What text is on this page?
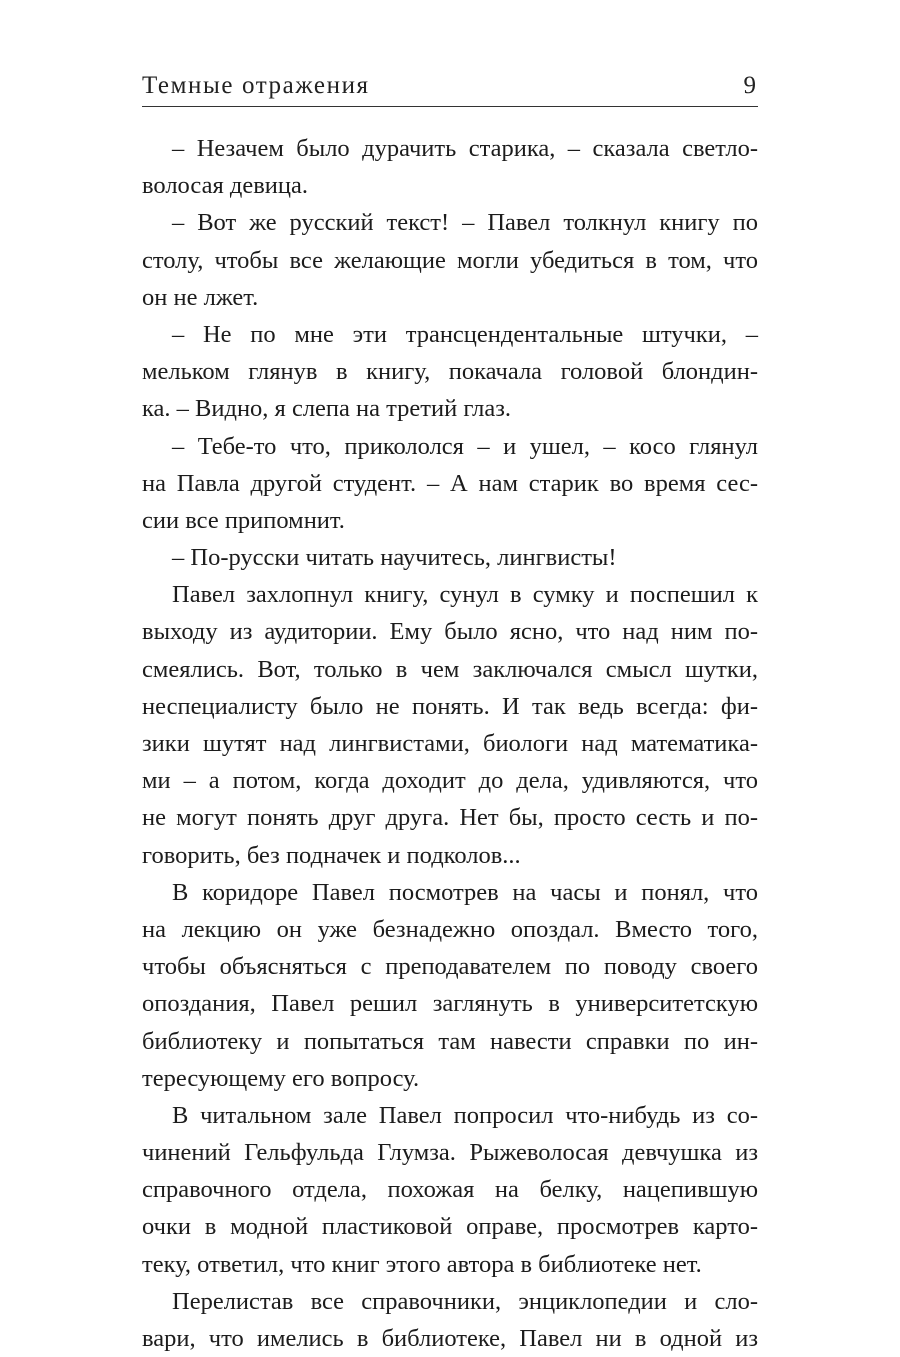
Темные отражения	9
– Незачем было дурачить старика, – сказала светло-
волосая девица.
– Вот же русский текст! – Павел толкнул книгу по
столу, чтобы все желающие могли убедиться в том, что
он не лжет.
– Не по мне эти трансцендентальные штучки, –
мельком глянув в книгу, покачала головой блондин-
ка. – Видно, я слепа на третий глаз.
– Тебе-то что, прикололся – и ушел, – косо глянул
на Павла другой студент. – А нам старик во время сес-
сии все припомнит.
– По-русски читать научитесь, лингвисты!
Павел захлопнул книгу, сунул в сумку и поспешил к
выходу из аудитории. Ему было ясно, что над ним по-
смеялись. Вот, только в чем заключался смысл шутки,
неспециалисту было не понять. И так ведь всегда: фи-
зики шутят над лингвистами, биологи над математика-
ми – а потом, когда доходит до дела, удивляются, что
не могут понять друг друга. Нет бы, просто сесть и по-
говорить, без подначек и подколов...
В коридоре Павел посмотрев на часы и понял, что
на лекцию он уже безнадежно опоздал. Вместо того,
чтобы объясняться с преподавателем по поводу своего
опоздания, Павел решил заглянуть в университетскую
библиотеку и попытаться там навести справки по ин-
тересующему его вопросу.
В читальном зале Павел попросил что-нибудь из со-
чинений Гельфульда Глумза. Рыжеволосая девчушка из
справочного отдела, похожая на белку, нацепившую
очки в модной пластиковой оправе, просмотрев карто-
теку, ответил, что книг этого автора в библиотеке нет.
Перелистав все справочники, энциклопедии и сло-
вари, что имелись в библиотеке, Павел ни в одной из
